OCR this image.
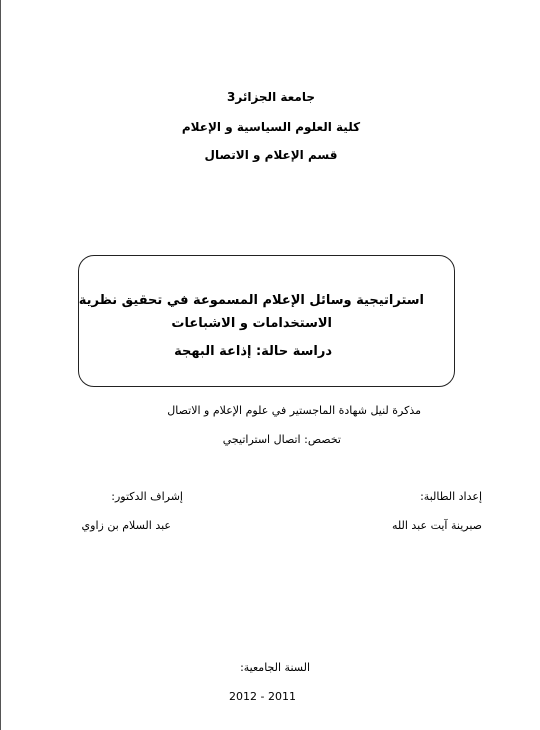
جامعة الجزائر3
كلية العلوم السياسية و الإعلام
قسم الإعلام و الاتصال
استراتيجية وسائل الإعلام المسموعة في تحقيق نظرية
الاستخدامات و الاشباعات
دراسة حالة: إذاعة البهجة
مذكرة لنيل شهادة الماجستير في علوم الإعلام و الاتصال
تخصص: اتصال استراتيجي
إعداد الطالبة:
صبرينة آيت عبد الله
إشراف الدكتور:
عبد السلام بن زاوي
السنة الجامعية:
2012 - 2011
